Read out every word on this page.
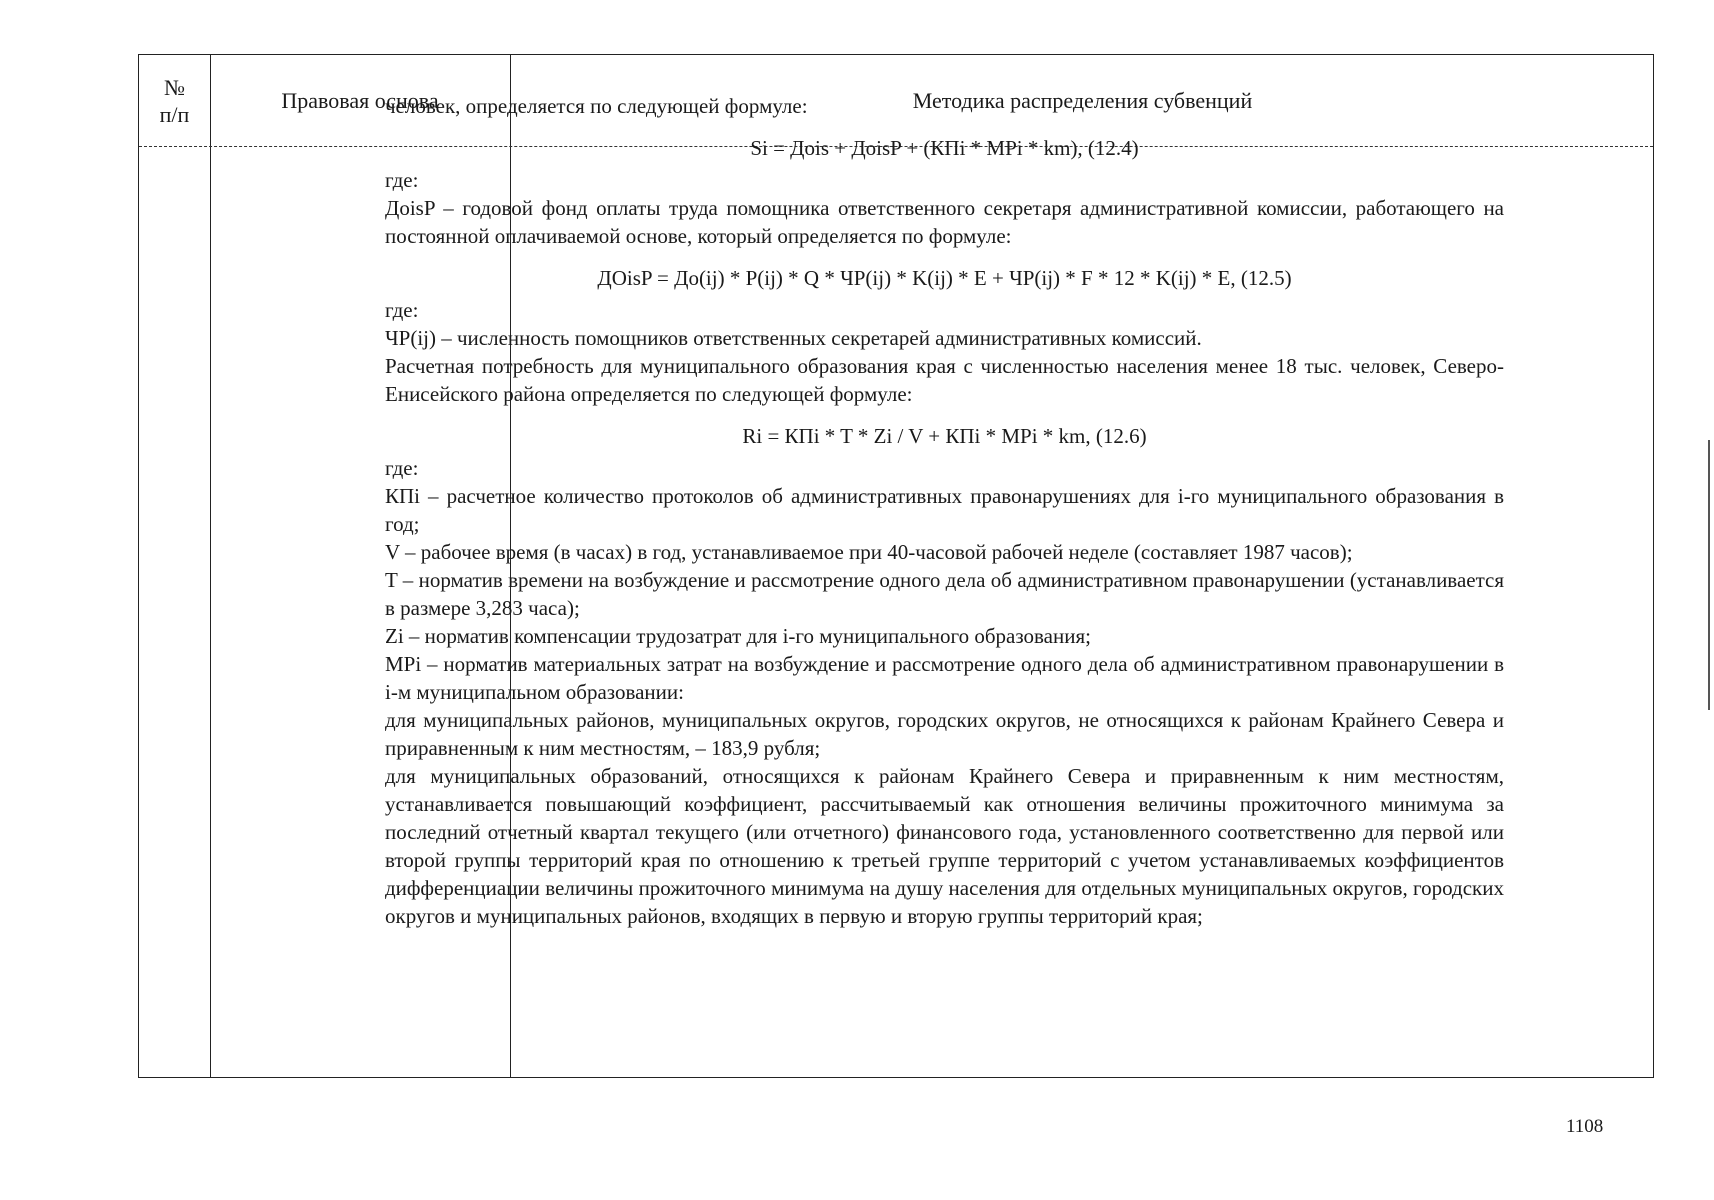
№
п/п
Правовая основа	Методика распределения субвенций

человек, определяется по следующей формуле:

Si = Дois + ДoisP + (КПi * MPi * km), (12.4)

где:

ДoisP – годовой фонд оплаты труда помощника ответственного секретаря административной комиссии, работающего на постоянной оплачиваемой основе, который определяется по формуле:

ДOisP = До(ij) * P(ij) * Q * ЧР(ij) * K(ij) * E + ЧР(ij) * F * 12 * K(ij) * E, (12.5)

где:

ЧР(ij) – численность помощников ответственных секретарей административных комиссий.

Расчетная потребность для муниципального образования края с численностью населения менее 18 тыс. человек, Северо-Енисейского района определяется по следующей формуле:

Ri = КПi * T * Zi / V + КПi * MPi * km, (12.6)

где:

КПi – расчетное количество протоколов об административных правонарушениях для i-го муниципального образования в год;

V – рабочее время (в часах) в год, устанавливаемое при 40-часовой рабочей неделе (составляет 1987 часов);

T – норматив времени на возбуждение и рассмотрение одного дела об административном правонарушении (устанавливается в размере 3,283 часа);

Zi – норматив компенсации трудозатрат для i-го муниципального образования;

MPi – норматив материальных затрат на возбуждение и рассмотрение одного дела об административном правонарушении в i-м муниципальном образовании:

для муниципальных районов, муниципальных округов, городских округов, не относящихся к районам Крайнего Севера и приравненным к ним местностям, – 183,9 рубля;

для муниципальных образований, относящихся к районам Крайнего Севера и приравненным к ним местностям, устанавливается повышающий коэффициент, рассчитываемый как отношения величины прожиточного минимума за последний отчетный квартал текущего (или отчетного) финансового года, установленного соответственно для первой или второй группы территорий края по отношению к третьей группе территорий с учетом устанавливаемых коэффициентов дифференциации величины прожиточного минимума на душу населения для отдельных муниципальных округов, городских округов и муниципальных районов, входящих в первую и вторую группы территорий края;

1108
